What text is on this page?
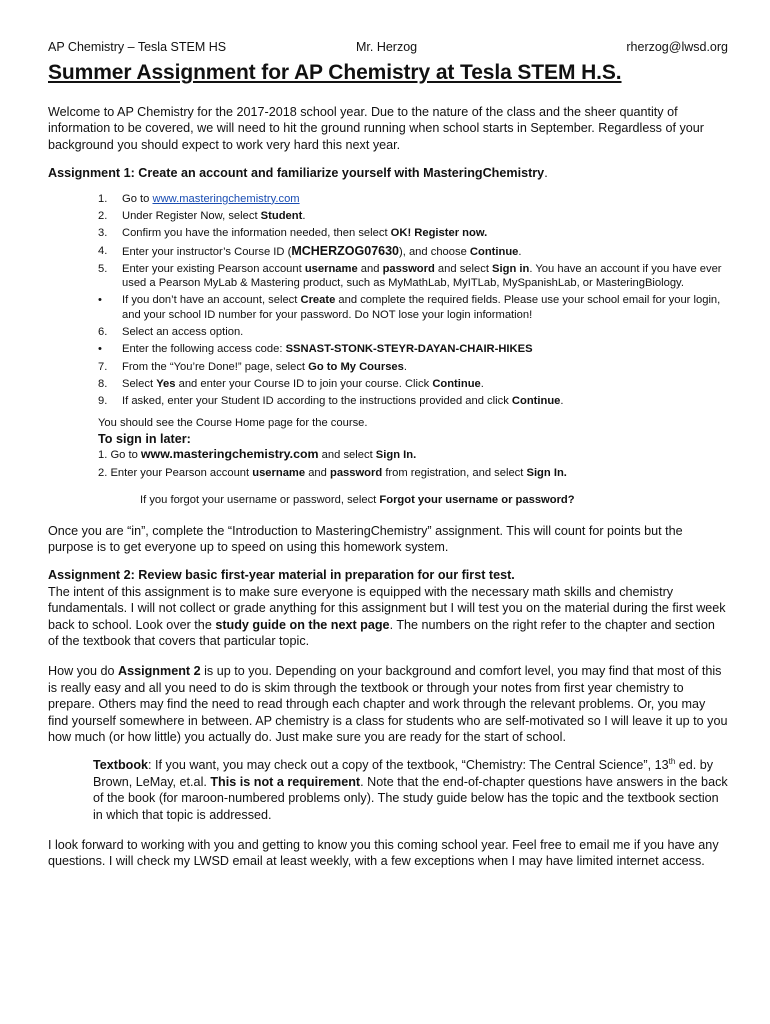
AP Chemistry – Tesla STEM HS	Mr. Herzog	rherzog@lwsd.org
Summer Assignment for AP Chemistry at Tesla STEM H.S.

Welcome to AP Chemistry for the 2017-2018 school year. Due to the nature of the class and the sheer quantity of information to be covered, we will need to hit the ground running when school starts in September. Regardless of your background you should expect to work very hard this next year.

Assignment 1: Create an account and familiarize yourself with MasteringChemistry.

1.	Go to www.masteringchemistry.com
2.	Under Register Now, select Student.
3.	Confirm you have the information needed, then select OK! Register now.
4.	Enter your instructor’s Course ID (MCHERZOG07630), and choose Continue.
5.	Enter your existing Pearson account username and password and select Sign in. You have an account if you have ever used a Pearson MyLab & Mastering product, such as MyMathLab, MyITLab, MySpanishLab, or MasteringBiology.
•	If you don’t have an account, select Create and complete the required fields. Please use your school email for your login, and your school ID number for your password. Do NOT lose your login information!
6.	Select an access option.
•	Enter the following access code: SSNAST-STONK-STEYR-DAYAN-CHAIR-HIKES
7.	From the “You’re Done!” page, select Go to My Courses.
8.	Select Yes and enter your Course ID to join your course. Click Continue.
9.	If asked, enter your Student ID according to the instructions provided and click Continue.

You should see the Course Home page for the course.

To sign in later:

1. Go to www.masteringchemistry.com and select Sign In.

2. Enter your Pearson account username and password from registration, and select Sign In.

If you forgot your username or password, select Forgot your username or password?

Once you are “in”, complete the “Introduction to MasteringChemistry” assignment. This will count for points but the purpose is to get everyone up to speed on using this homework system.

Assignment 2: Review basic first-year material in preparation for our first test.

The intent of this assignment is to make sure everyone is equipped with the necessary math skills and chemistry fundamentals. I will not collect or grade anything for this assignment but I will test you on the material during the first week back to school. Look over the study guide on the next page. The numbers on the right refer to the chapter and section of the textbook that covers that particular topic.

How you do Assignment 2 is up to you. Depending on your background and comfort level, you may find that most of this is really easy and all you need to do is skim through the textbook or through your notes from first year chemistry to prepare. Others may find the need to read through each chapter and work through the relevant problems. Or, you may find yourself somewhere in between. AP chemistry is a class for students who are self-motivated so I will leave it up to you how much (or how little) you actually do. Just make sure you are ready for the start of school.

Textbook: If you want, you may check out a copy of the textbook, “Chemistry: The Central Science”, 13th ed. by Brown, LeMay, et.al. This is not a requirement. Note that the end-of-chapter questions have answers in the back of the book (for maroon-numbered problems only). The study guide below has the topic and the textbook section in which that topic is addressed.

I look forward to working with you and getting to know you this coming school year. Feel free to email me if you have any questions. I will check my LWSD email at least weekly, with a few exceptions when I may have limited internet access.
